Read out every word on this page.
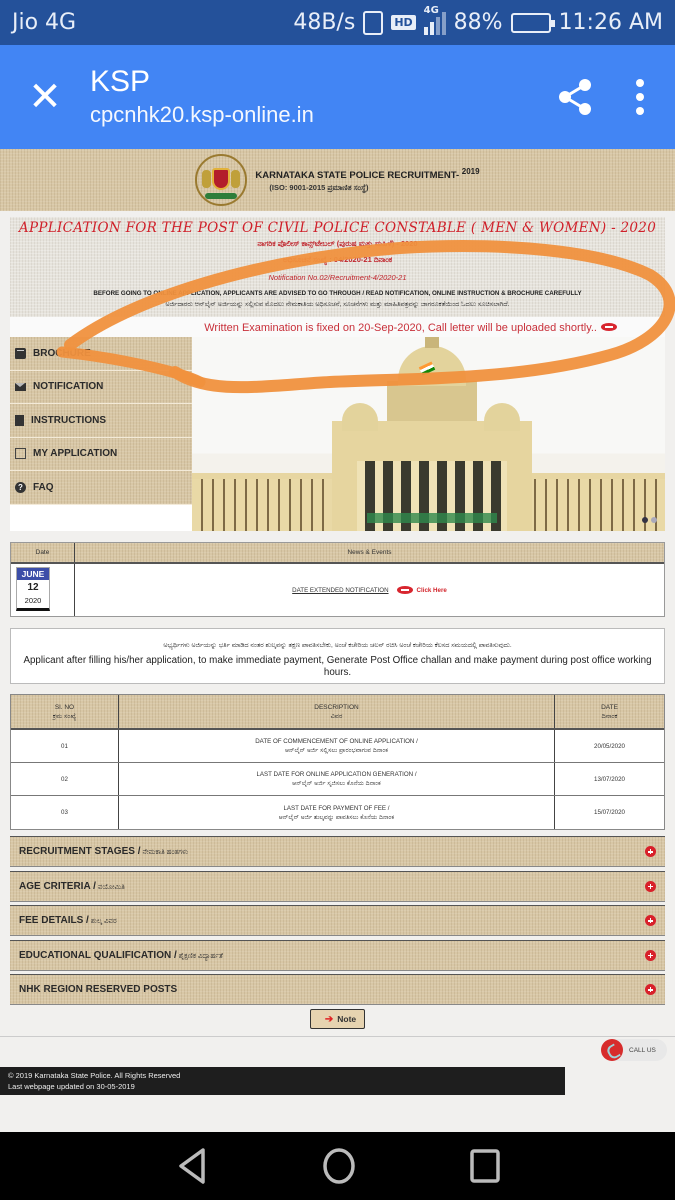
Jio 4G	48B/s	HD
4G 88%	11:26 AM
✕ KSP
cpcnhk20.ksp-online.in
KARNATAKA STATE POLICE RECRUITMENT- $^{2019}$
(ISO: 9001-2015 ಪ್ರಮಾಣಿತ ಸಂಸ್ಥೆ)
APPLICATION FOR THE POST OF CIVIL POLICE CONSTABLE ( MEN & WOMEN) - 2020
ನಾಗರಿಕ ಪೊಲೀಸ್ ಕಾನ್ಸ್‌ಟೇಬಲ್ (ಪುರುಷ ಮತ್ತು ಮಹಿಳೆ) - 2020
ಅಧಿಸೂಚನೆ ಸಂಖ್ಯೆ : 04/2020-21 ದಿನಾಂಕ
Notification No.02/Recruitment-4/2020-21
BEFORE GOING TO ONLINE APPLICATION, APPLICANTS ARE ADVISED TO GO THROUGH / READ NOTIFICATION, ONLINE INSTRUCTION & BROCHURE CAREFULLY
ಅರ್ಜಿದಾರರು ಆನ್‌ಲೈನ್ ಅರ್ಜಿಯನ್ನು ಸಲ್ಲಿಸುವ ಮೊದಲು ನೇಮಕಾತಿಯ ಅಧಿಸೂಚನೆ, ಸೂಚನೆಗಳು ಮತ್ತು ಮಾಹಿತಿಪತ್ರವನ್ನು ಜಾಗರೂಕತೆಯಿಂದ ಓದಲು ಸೂಚಿಸಲಾಗಿದೆ.
Written Examination is fixed on 20-Sep-2020, Call letter will be uploaded shortly..
BROCHURE
NOTIFICATION
INSTRUCTIONS
MY APPLICATION
?	FAQ
Date	News & Events
JUNE
12
2020
DATE EXTENDED NOTIFICATION	Click Here
ಅಭ್ಯರ್ಥಿಗಳು ಅರ್ಜಿಯನ್ನು ಭರ್ತಿ ಮಾಡಿದ ನಂತರ ಶುಲ್ಕವನ್ನು ತಕ್ಷಣ ಪಾವತಿಸಬೇಕು, ಅಂಚೆ ಕಚೇರಿಯ ಚಲನ್ ರಚಿಸಿ ಅಂಚೆ ಕಚೇರಿಯ ಕೆಲಸದ ಸಮಯದಲ್ಲಿ ಪಾವತಿಸುವುದು.
Applicant after filling his/her application, to make immediate payment, Generate Post Office challan and make payment during post office working hours.
Sl. NO
ಕ್ರಮ ಸಂಖ್ಯೆ
DESCRIPTION
ವಿವರ
DATE
ದಿನಾಂಕ
01
DATE OF COMMENCEMENT OF ONLINE APPLICATION /
ಆನ್‌ಲೈನ್ ಅರ್ಜಿ ಸಲ್ಲಿಸಲು ಪ್ರಾರಂಭವಾಗುವ ದಿನಾಂಕ
20/05/2020
02
LAST DATE FOR ONLINE APPLICATION GENERATION /
ಆನ್‌ಲೈನ್ ಅರ್ಜಿ ಸೃಜಿಸಲು ಕೊನೆಯ ದಿನಾಂಕ
13/07/2020
03
LAST DATE FOR PAYMENT OF FEE /
ಆನ್‌ಲೈನ್ ಅರ್ಜಿ ಶುಲ್ಕವನ್ನು ಪಾವತಿಸಲು ಕೊನೆಯ ದಿನಾಂಕ
15/07/2020
RECRUITMENT STAGES / ನೇಮಕಾತಿ ಹಂತಗಳು
AGE CRITERIA / ವಯೋಮಿತಿ
FEE DETAILS / ಶುಲ್ಕ ವಿವರ
EDUCATIONAL QUALIFICATION / ಶೈಕ್ಷಣಿಕ ವಿದ್ಯಾರ್ಹತೆ
NHK REGION RESERVED POSTS
➔ Note
CALL US
© 2019 Karnataka State Police. All Rights Reserved
Last webpage updated on 30-05-2019
